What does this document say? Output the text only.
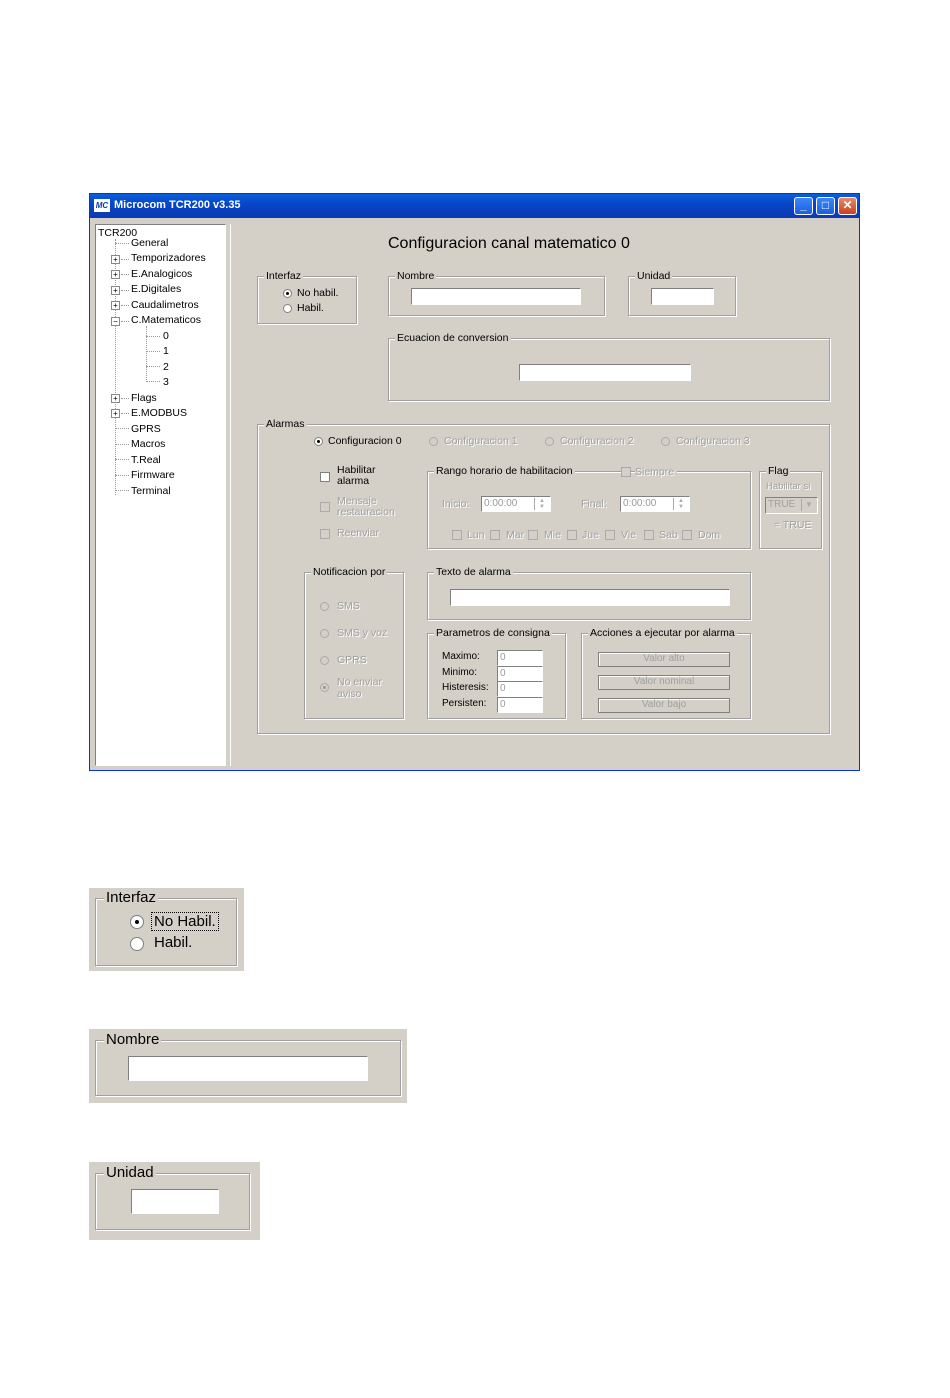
MC Microcom TCR200 v3.35	_	□	✕
TCR200
General
+ Temporizadores
+ E.Analogicos
+ E.Digitales
+ Caudalimetros
− C.Matematicos
0
1
2
3
+ Flags
+ E.MODBUS
GPRS
Macros
T.Real
Firmware
Terminal
Configuracion canal matematico 0
Interfaz
No habil.
Habil.
Nombre	Unidad
Ecuacion de conversion
Alarmas
Configuracion 0	Configuracion 1	Configuracion 2	Configuracion 3
Habilitar
alarma
Mensaje
restauracion
Reenviar
Rango horario de habilitacion	Siempre
Inicio:	0:00:00	▲
▼	Final:	0:00:00	▲
▼
Lun Mar Mie Jue Vie Sab Dom
Flag
Habilitar si
TRUE	▼
= TRUE
Notificacion por
SMS
SMS y voz
GPRS
No enviar
aviso
Texto de alarma
Parametros de consigna
Maximo:	0
Minimo:	0
Histeresis:	0
Persisten:	0
Acciones a ejecutar por alarma
Valor alto
Valor nominal
Valor bajo
Interfaz
No Habil.
Habil.
Nombre
Unidad
